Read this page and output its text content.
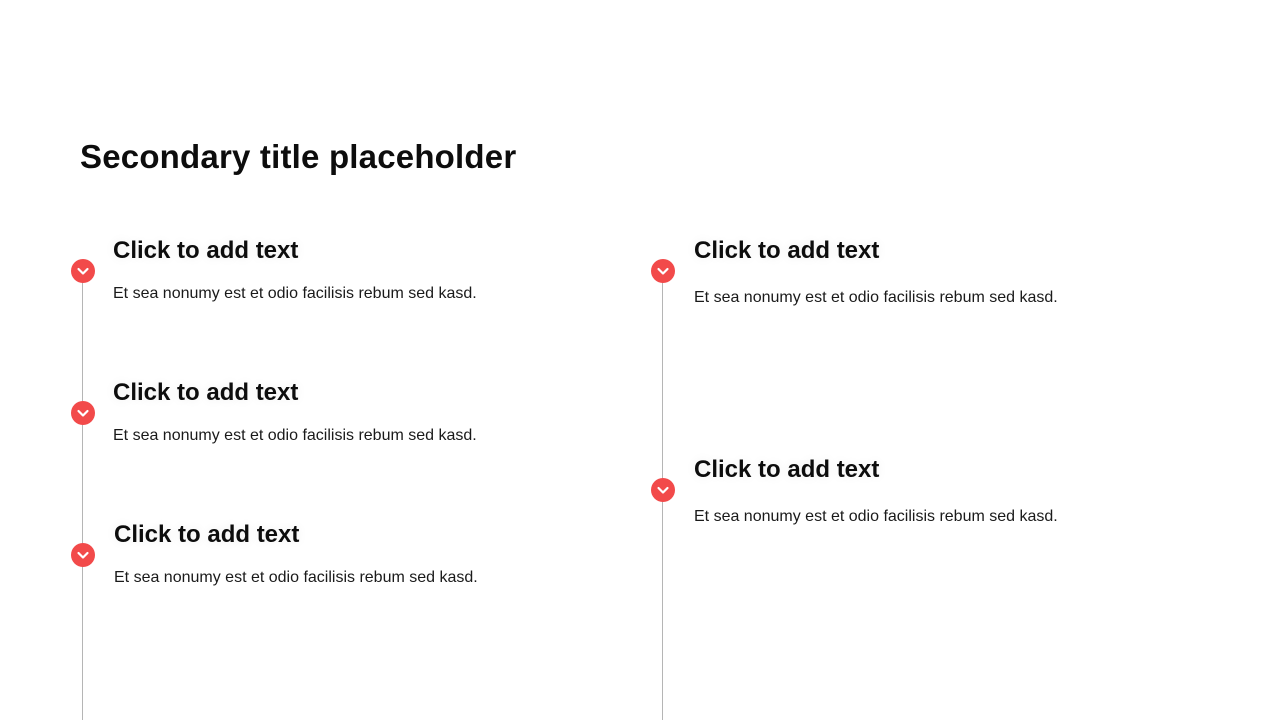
Secondary title placeholder
Click to add text
Et sea nonumy est et odio facilisis rebum sed kasd.
Click to add text
Et sea nonumy est et odio facilisis rebum sed kasd.
Click to add text
Et sea nonumy est et odio facilisis rebum sed kasd.
Click to add text
Et sea nonumy est et odio facilisis rebum sed kasd.
Click to add text
Et sea nonumy est et odio facilisis rebum sed kasd.
